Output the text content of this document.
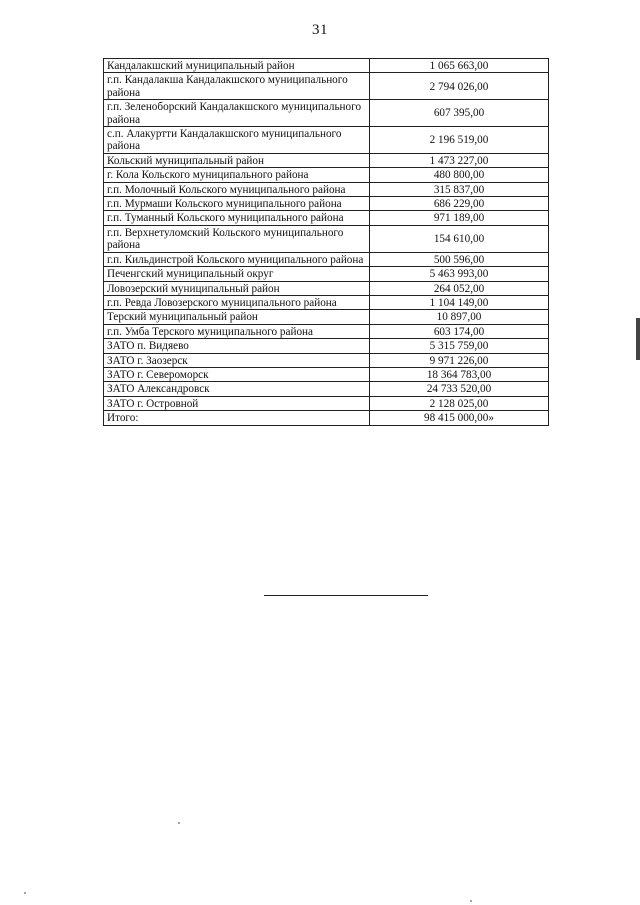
31
Кандалакшский муниципальный район	1 065 663,00
г.п. Кандалакша Кандалакшского муниципального района	2 794 026,00
г.п. Зеленоборский Кандалакшского муниципального района	607 395,00
с.п. Алакуртти Кандалакшского муниципального района	2 196 519,00
Кольский муниципальный район	1 473 227,00
г. Кола Кольского муниципального района	480 800,00
г.п. Молочный Кольского муниципального района	315 837,00
г.п. Мурмаши Кольского муниципального района	686 229,00
г.п. Туманный Кольского муниципального района	971 189,00
г.п. Верхнетуломский Кольского муниципального района	154 610,00
г.п. Кильдинстрой Кольского муниципального района	500 596,00
Печенгский муниципальный округ	5 463 993,00
Ловозерский муниципальный район	264 052,00
г.п. Ревда Ловозерского муниципального района	1 104 149,00
Терский муниципальный район	10 897,00
г.п. Умба Терского муниципального района	603 174,00
ЗАТО п. Видяево	5 315 759,00
ЗАТО г. Заозерск	9 971 226,00
ЗАТО г. Североморск	18 364 783,00
ЗАТО Александровск	24 733 520,00
ЗАТО г. Островной	2 128 025,00
Итого:	98 415 000,00»
